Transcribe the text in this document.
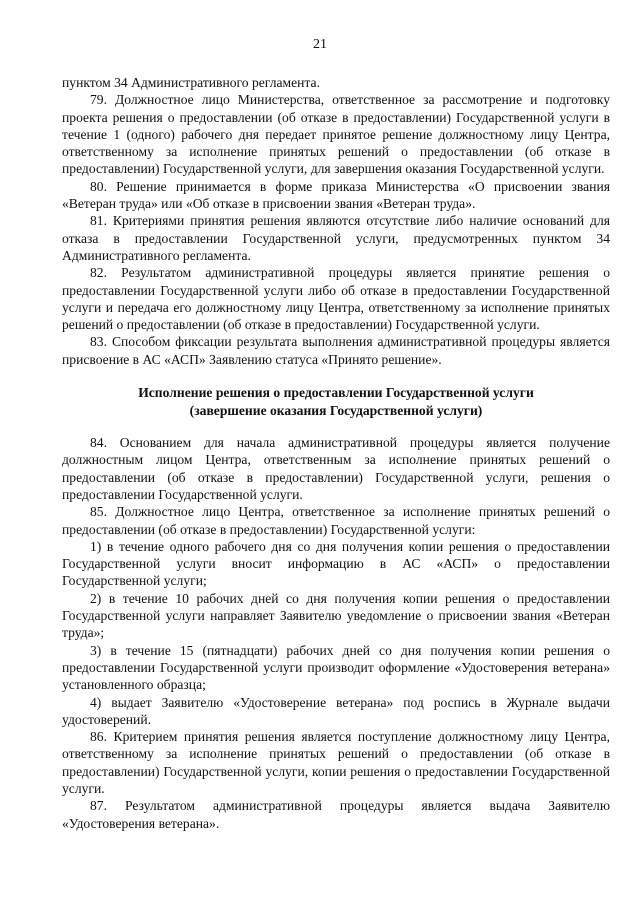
21

пунктом 34 Административного регламента.

79. Должностное лицо Министерства, ответственное за рассмотрение и подготовку проекта решения о предоставлении (об отказе в предоставлении) Государственной услуги в течение 1 (одного) рабочего дня передает принятое решение должностному лицу Центра, ответственному за исполнение принятых решений о предоставлении (об отказе в предоставлении) Государственной услуги, для завершения оказания Государственной услуги.

80. Решение принимается в форме приказа Министерства «О присвоении звания «Ветеран труда» или «Об отказе в присвоении звания «Ветеран труда».

81. Критериями принятия решения являются отсутствие либо наличие оснований для отказа в предоставлении Государственной услуги, предусмотренных пунктом 34 Административного регламента.

82. Результатом административной процедуры является принятие решения о предоставлении Государственной услуги либо об отказе в предоставлении Государственной услуги и передача его должностному лицу Центра, ответственному за исполнение принятых решений о предоставлении (об отказе в предоставлении) Государственной услуги.

83. Способом фиксации результата выполнения административной процедуры является присвоение в АС «АСП» Заявлению статуса «Принято решение».

Исполнение решения о предоставлении Государственной услуги
(завершение оказания Государственной услуги)

84. Основанием для начала административной процедуры является получение должностным лицом Центра, ответственным за исполнение принятых решений о предоставлении (об отказе в предоставлении) Государственной услуги, решения о предоставлении Государственной услуги.

85. Должностное лицо Центра, ответственное за исполнение принятых решений о предоставлении (об отказе в предоставлении) Государственной услуги:

1) в течение одного рабочего дня со дня получения копии решения о предоставлении Государственной услуги вносит информацию в АС «АСП» о предоставлении Государственной услуги;

2) в течение 10 рабочих дней со дня получения копии решения о предоставлении Государственной услуги направляет Заявителю уведомление о присвоении звания «Ветеран труда»;

3) в течение 15 (пятнадцати) рабочих дней со дня получения копии решения о предоставлении Государственной услуги производит оформление «Удостоверения ветерана» установленного образца;

4) выдает Заявителю «Удостоверение ветерана» под роспись в Журнале выдачи удостоверений.

86. Критерием принятия решения является поступление должностному лицу Центра, ответственному за исполнение принятых решений о предоставлении (об отказе в предоставлении) Государственной услуги, копии решения о предоставлении Государственной услуги.

87. Результатом административной процедуры является выдача Заявителю «Удостоверения ветерана».
